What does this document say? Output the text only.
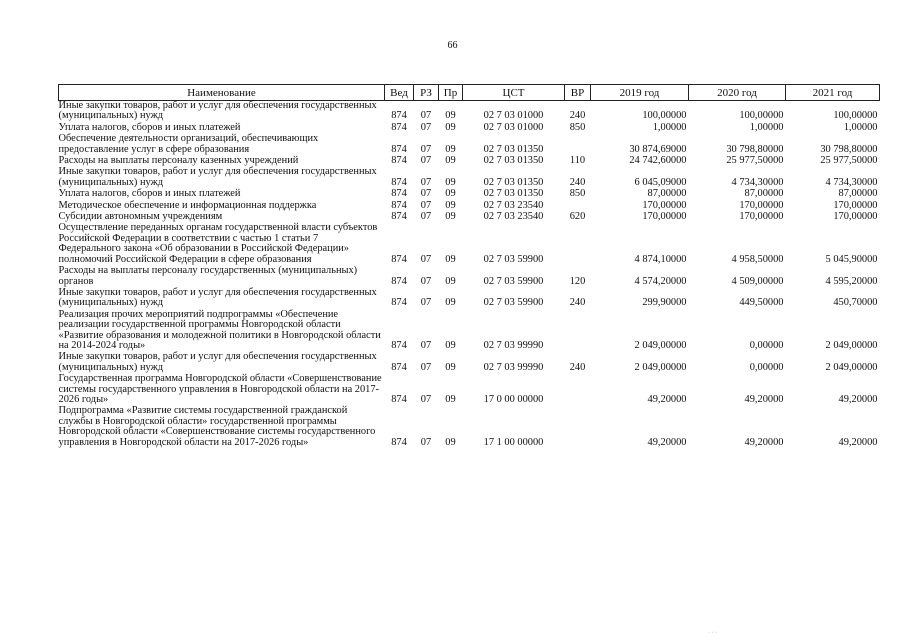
66
Наименование	Вед	РЗ	Пр	ЦСТ	ВР	2019 год	2020 год	2021 год
Иные закупки товаров, работ и услуг для обеспечения государственных (муниципальных) нужд	874	07	09	02 7 03 01000	240	100,00000	100,00000	100,00000
Уплата налогов, сборов и иных платежей	874	07	09	02 7 03 01000	850	1,00000	1,00000	1,00000
Обеспечение деятельности организаций, обеспечивающих предоставление услуг в сфере образования	874	07	09	02 7 03 01350		30 874,69000	30 798,80000	30 798,80000
Расходы на выплаты персоналу казенных учреждений	874	07	09	02 7 03 01350	110	24 742,60000	25 977,50000	25 977,50000
Иные закупки товаров, работ и услуг для обеспечения государственных (муниципальных) нужд	874	07	09	02 7 03 01350	240	6 045,09000	4 734,30000	4 734,30000
Уплата налогов, сборов и иных платежей	874	07	09	02 7 03 01350	850	87,00000	87,00000	87,00000
Методическое обеспечение и информационная поддержка	874	07	09	02 7 03 23540		170,00000	170,00000	170,00000
Субсидии автономным учреждениям	874	07	09	02 7 03 23540	620	170,00000	170,00000	170,00000
Осуществление переданных органам государственной власти субъектов Российской Федерации в соответствии с частью 1 статьи 7 Федерального закона «Об образовании в Российской Федерации» полномочий Российской Федерации в сфере образования	874	07	09	02 7 03 59900		4 874,10000	4 958,50000	5 045,90000
Расходы на выплаты персоналу государственных (муниципальных) органов	874	07	09	02 7 03 59900	120	4 574,20000	4 509,00000	4 595,20000
Иные закупки товаров, работ и услуг для обеспечения государственных (муниципальных) нужд	874	07	09	02 7 03 59900	240	299,90000	449,50000	450,70000
Реализация прочих мероприятий подпрограммы «Обеспечение реализации государственной программы Новгородской области «Развитие образования и молодежной политики в Новгородской области на 2014-2024 годы»	874	07	09	02 7 03 99990		2 049,00000	0,00000	2 049,00000
Иные закупки товаров, работ и услуг для обеспечения государственных (муниципальных) нужд	874	07	09	02 7 03 99990	240	2 049,00000	0,00000	2 049,00000
Государственная программа Новгородской области «Совершенствование системы государственного управления в Новгородской области на 2017-2026 годы»	874	07	09	17 0 00 00000		49,20000	49,20000	49,20000
Подпрограмма «Развитие системы государственной гражданской службы в Новгородской области» государственной программы Новгородской области «Совершенствование системы государственного управления в Новгородской области на 2017-2026 годы»	874	07	09	17 1 00 00000		49,20000	49,20000	49,20000
· · ·
